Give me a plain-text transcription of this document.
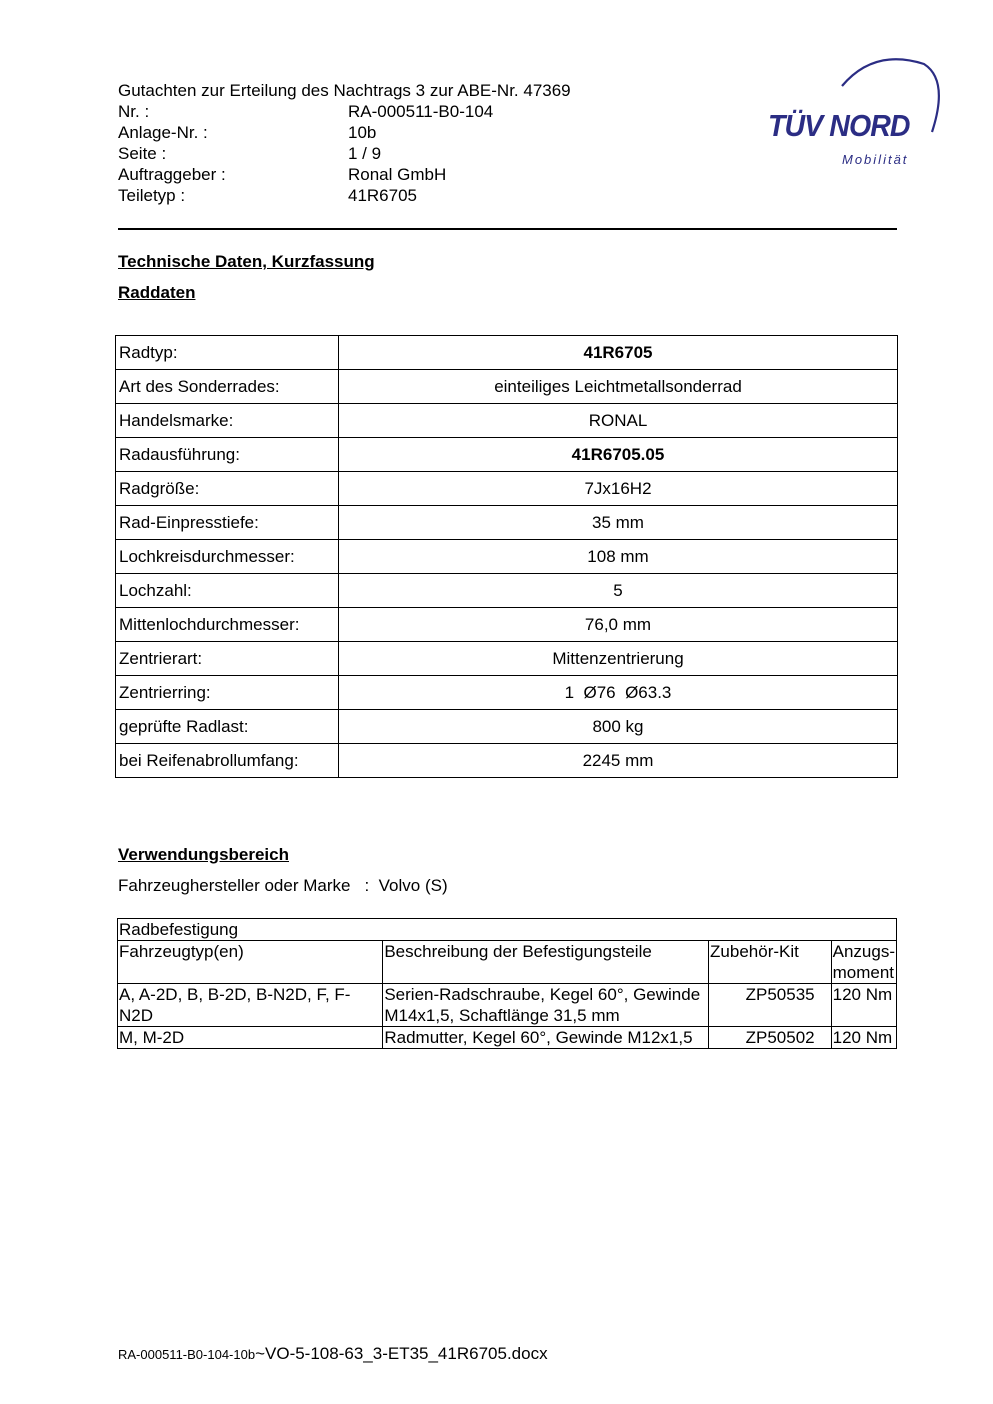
Gutachten zur Erteilung des Nachtrags 3 zur ABE-Nr. 47369
Nr. :	RA-000511-B0-104
Anlage-Nr. :	10b
Seite :	1 / 9
Auftraggeber :	Ronal GmbH
Teiletyp :	41R6705
TÜV NORD
Mobilität
Technische Daten, Kurzfassung
Raddaten
Radtyp:	41R6705
Art des Sonderrades:	einteiliges Leichtmetallsonderrad
Handelsmarke:	RONAL
Radausführung:	41R6705.05
Radgröße:	7Jx16H2
Rad-Einpresstiefe:	35 mm
Lochkreisdurchmesser:	108 mm
Lochzahl:	5
Mittenlochdurchmesser:	76,0 mm
Zentrierart:	Mittenzentrierung
Zentrierring:	1  Ø76  Ø63.3
geprüfte Radlast:	800 kg
bei Reifenabrollumfang:	2245 mm
Verwendungsbereich
Fahrzeughersteller oder Marke : Volvo (S)
Radbefestigung			
Fahrzeugtyp(en)	Beschreibung der Befestigungsteile	Zubehör-Kit	Anzugs-
moment
A, A-2D, B, B-2D, B-N2D, F, F-N2D	Serien-Radschraube, Kegel 60°, Gewinde M14x1,5, Schaftlänge 31,5 mm	ZP50535	120 Nm
M, M-2D	Radmutter, Kegel 60°, Gewinde M12x1,5	ZP50502	120 Nm
RA-000511-B0-104-10b~VO-5-108-63_3-ET35_41R6705.docx
